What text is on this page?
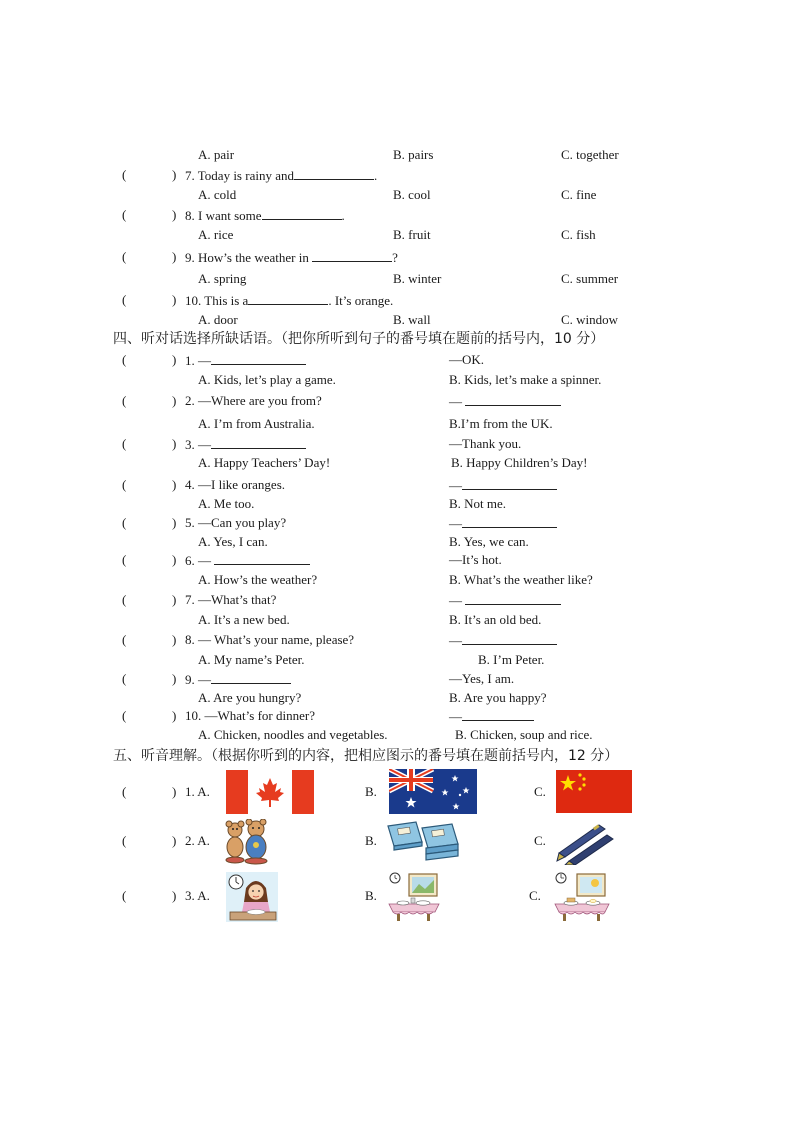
A. pair	B. pairs	C. together
(	) 7. Today is rainy and	.
A. cold	B. cool	C. fine
(	) 8. I want some	.
A. rice	B. fruit	C. fish
(	) 9. How’s the weather in	?
A. spring	B. winter	C. summer
(	) 10. This is a	. It’s orange.
A. door	B. wall	C. window
四、听对话选择所缺话语。（把你所听到句子的番号填在题前的括号内，10 分）
(	) 1. —	—OK.
A. Kids, let’s play a game.	B. Kids, let’s make a spinner.
(	) 2. —Where are you from?	—
A. I’m from Australia.	B.I’m from the UK.
(	) 3. —	—Thank you.
A. Happy Teachers’ Day!	B. Happy Children’s Day!
(	) 4. —I like oranges.	—
A. Me too.	B. Not me.
(	) 5. —Can you play?	—
A. Yes, I can.	B. Yes, we can.
(	) 6. —	—It’s hot.
A. How’s the weather?	B. What’s the weather like?
(	) 7. —What’s that?	—
A. It’s a new bed.	B. It’s an old bed.
(	) 8. — What’s your name, please?	—
A. My name’s Peter.	B. I’m Peter.
(	) 9. —	—Yes, I am.
A. Are you hungry?	B. Are you happy?
(	) 10. —What’s for dinner?	—
A. Chicken, noodles and vegetables.	B. Chicken, soup and rice.
五、听音理解。（根据你听到的内容，把相应图示的番号填在题前括号内，12 分）
(	) 1. A.	B.	C.
(	) 2. A.	B.	C.
(	) 3. A.	B.	C.
